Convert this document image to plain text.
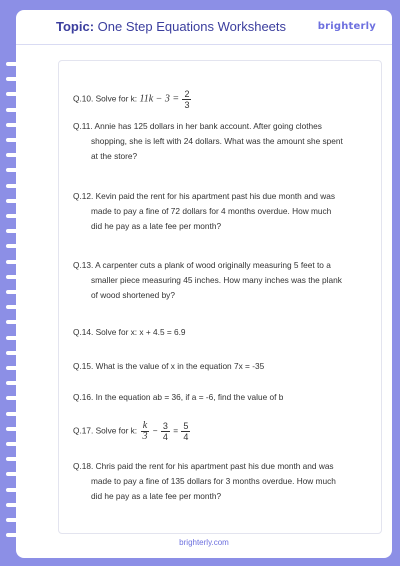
Topic: One Step Equations Worksheets	brighterly
Q.10. Solve for k: $11k - 3 = \frac{2}{3}$
Q.11. Annie has 125 dollars in her bank account. After going clothes
shopping, she is left with 24 dollars. What was the amount she spent
at the store?
Q.12. Kevin paid the rent for his apartment past his due month and was
made to pay a fine of 72 dollars for 4 months overdue. How much
did he pay as a late fee per month?
Q.13. A carpenter cuts a plank of wood originally measuring 5 feet to a
smaller piece measuring 45 inches. How many inches was the plank
of wood shortened by?
Q.14. Solve for x: x + 4.5 = 6.9
Q.15. What is the value of x in the equation 7x = -35
Q.16. In the equation ab = 36, if a = -6, find the value of b
Q.17. Solve for k: $\frac{k}{3} - \frac{3}{4} = \frac{5}{4}$
Q.18. Chris paid the rent for his apartment past his due month and was
made to pay a fine of 135 dollars for 3 months overdue. How much
did he pay as a late fee per month?
brighterly.com
